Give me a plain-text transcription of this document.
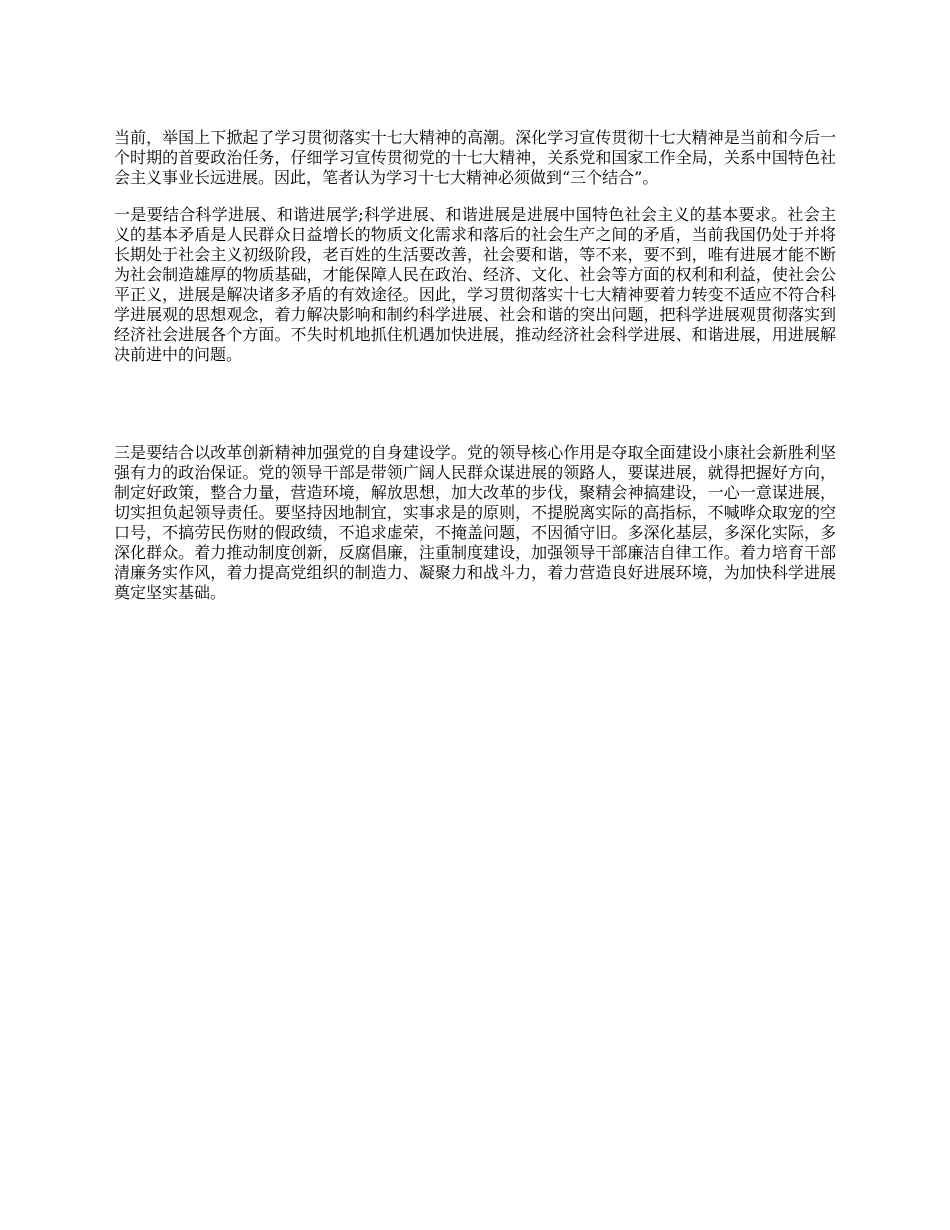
当前，举国上下掀起了学习贯彻落实十七大精神的高潮。深化学习宣传贯彻十七大精神是当前和今后一个时期的首要政治任务，仔细学习宣传贯彻党的十七大精神，关系党和国家工作全局，关系中国特色社会主义事业长远进展。因此，笔者认为学习十七大精神必须做到“三个结合”。

一是要结合科学进展、和谐进展学;科学进展、和谐进展是进展中国特色社会主义的基本要求。社会主义的基本矛盾是人民群众日益增长的物质文化需求和落后的社会生产之间的矛盾，当前我国仍处于并将长期处于社会主义初级阶段，老百姓的生活要改善，社会要和谐，等不来，要不到，唯有进展才能不断为社会制造雄厚的物质基础，才能保障人民在政治、经济、文化、社会等方面的权利和利益，使社会公平正义，进展是解决诸多矛盾的有效途径。因此，学习贯彻落实十七大精神要着力转变不适应不符合科学进展观的思想观念，着力解决影响和制约科学进展、社会和谐的突出问题，把科学进展观贯彻落实到经济社会进展各个方面。不失时机地抓住机遇加快进展，推动经济社会科学进展、和谐进展，用进展解决前进中的问题。

三是要结合以改革创新精神加强党的自身建设学。党的领导核心作用是夺取全面建设小康社会新胜利坚强有力的政治保证。党的领导干部是带领广阔人民群众谋进展的领路人，要谋进展，就得把握好方向，制定好政策，整合力量，营造环境，解放思想，加大改革的步伐，聚精会神搞建设，一心一意谋进展，切实担负起领导责任。要坚持因地制宜，实事求是的原则，不提脱离实际的高指标，不喊哗众取宠的空口号，不搞劳民伤财的假政绩，不追求虚荣，不掩盖问题，不因循守旧。多深化基层，多深化实际，多深化群众。着力推动制度创新，反腐倡廉，注重制度建设，加强领导干部廉洁自律工作。着力培育干部清廉务实作风，着力提高党组织的制造力、凝聚力和战斗力，着力营造良好进展环境，为加快科学进展奠定坚实基础。
